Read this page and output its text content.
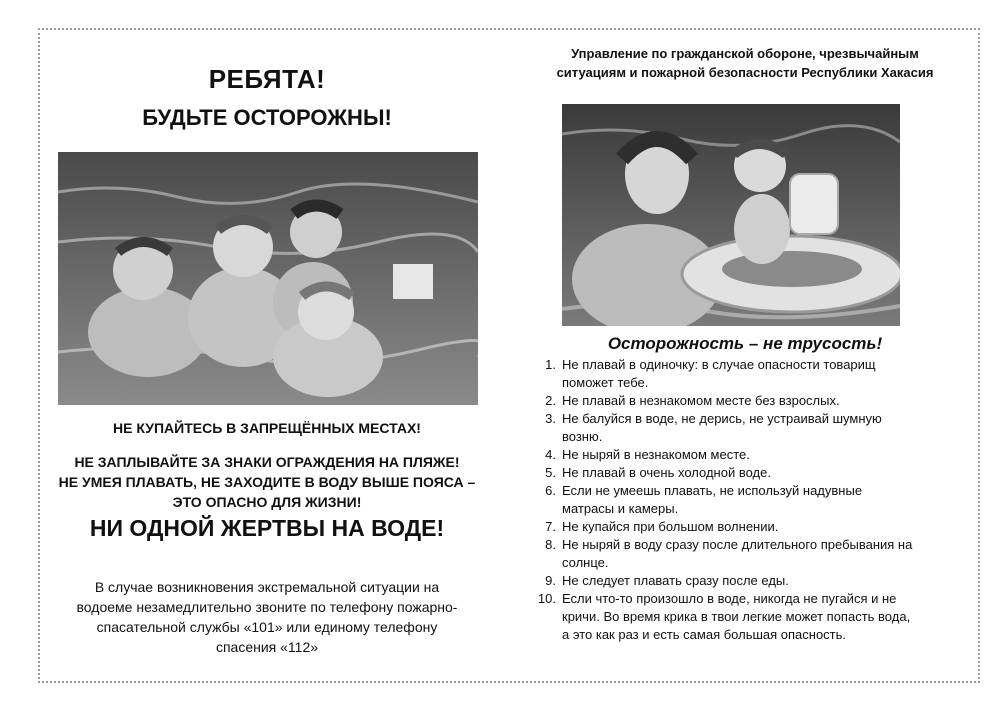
РЕБЯТА!
БУДЬТЕ ОСТОРОЖНЫ!
НЕ КУПАЙТЕСЬ В ЗАПРЕЩЁННЫХ МЕСТАХ!
НЕ ЗАПЛЫВАЙТЕ ЗА ЗНАКИ ОГРАЖДЕНИЯ НА ПЛЯЖЕ!
НЕ УМЕЯ ПЛАВАТЬ, НЕ ЗАХОДИТЕ В ВОДУ ВЫШЕ ПОЯСА –
ЭТО ОПАСНО ДЛЯ ЖИЗНИ!
НИ ОДНОЙ ЖЕРТВЫ НА ВОДЕ!
В случае возникновения экстремальной ситуации на
водоеме незамедлительно звоните по телефону пожарно-
спасательной службы «101» или единому телефону
спасения «112»
Управление по гражданской обороне, чрезвычайным
ситуациям и пожарной безопасности Республики Хакасия
Осторожность – не трусость!
1. Не плавай в одиночку: в случае опасности товарищ
поможет тебе.
2. Не плавай в незнакомом месте без взрослых.
3. Не балуйся в воде, не дерись, не устраивай шумную
возню.
4. Не ныряй в незнакомом месте.
5. Не плавай в очень холодной воде.
6. Если не умеешь плавать, не используй надувные
матрасы и камеры.
7. Не купайся при большом волнении.
8. Не ныряй в воду сразу после длительного пребывания на
солнце.
9. Не следует плавать сразу после еды.
10. Если что-то произошло в воде, никогда не пугайся и не
кричи. Во время крика в твои легкие может попасть вода,
а это как раз и есть самая большая опасность.
